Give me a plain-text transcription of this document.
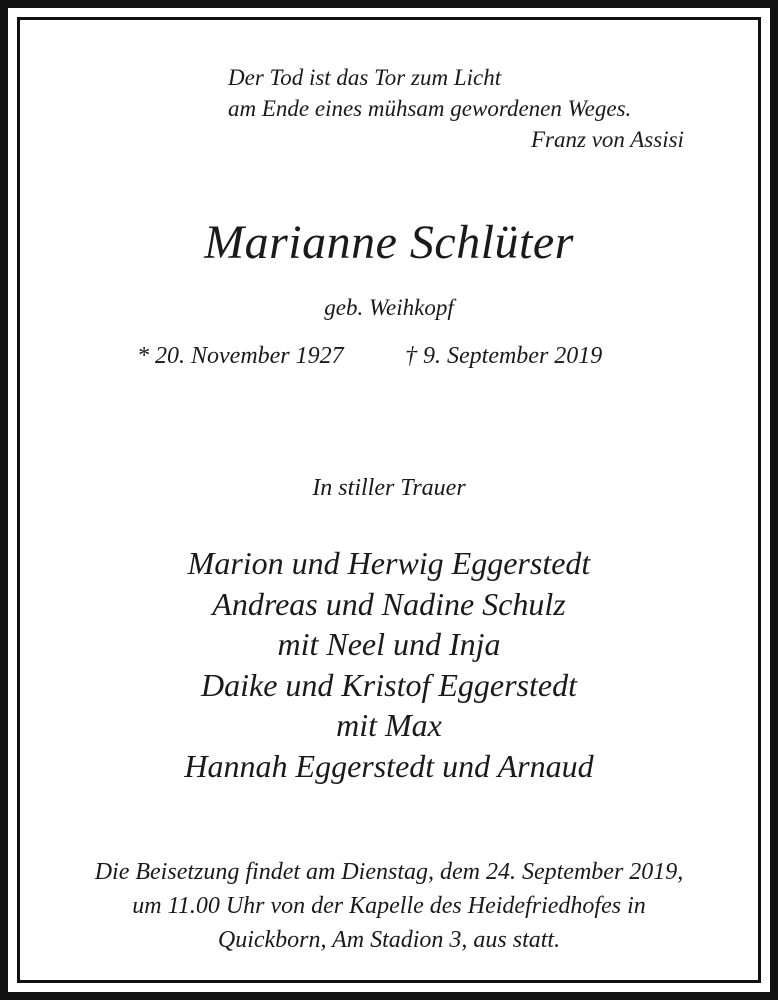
Der Tod ist das Tor zum Licht
am Ende eines mühsam gewordenen Weges.
Franz von Assisi
Marianne Schlüter
geb. Weihkopf
* 20. November 1927	† 9. September 2019
In stiller Trauer
Marion und Herwig Eggerstedt
Andreas und Nadine Schulz
mit Neel und Inja
Daike und Kristof Eggerstedt
mit Max
Hannah Eggerstedt und Arnaud
Die Beisetzung findet am Dienstag, dem 24. September 2019,
um 11.00 Uhr von der Kapelle des Heidefriedhofes in
Quickborn, Am Stadion 3, aus statt.
